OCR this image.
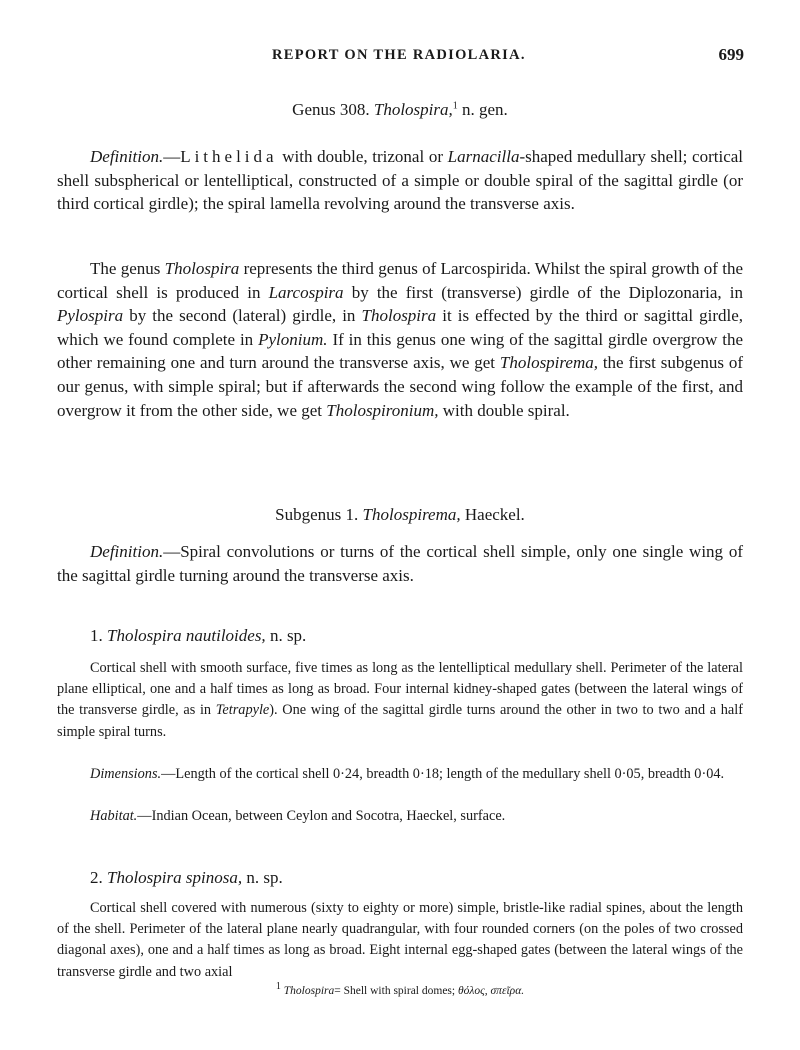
REPORT ON THE RADIOLARIA.	699
Genus 308. Tholospira,$^1$ n. gen.

Definition.—Lithelida with double, trizonal or Larnacilla-shaped medullary shell; cortical shell subspherical or lentelliptical, constructed of a simple or double spiral of the sagittal girdle (or third cortical girdle); the spiral lamella revolving around the transverse axis.

The genus Tholospira represents the third genus of Larcospirida. Whilst the spiral growth of the cortical shell is produced in Larcospira by the first (transverse) girdle of the Diplozonaria, in Pylospira by the second (lateral) girdle, in Tholospira it is effected by the third or sagittal girdle, which we found complete in Pylonium. If in this genus one wing of the sagittal girdle overgrow the other remaining one and turn around the transverse axis, we get Tholospirema, the first subgenus of our genus, with simple spiral; but if afterwards the second wing follow the example of the first, and overgrow it from the other side, we get Tholospironium, with double spiral.

Subgenus 1. Tholospirema, Haeckel.

Definition.—Spiral convolutions or turns of the cortical shell simple, only one single wing of the sagittal girdle turning around the transverse axis.

1. Tholospira nautiloides, n. sp.

Cortical shell with smooth surface, five times as long as the lentelliptical medullary shell. Perimeter of the lateral plane elliptical, one and a half times as long as broad. Four internal kidney-shaped gates (between the lateral wings of the transverse girdle, as in Tetrapyle). One wing of the sagittal girdle turns around the other in two to two and a half simple spiral turns.

Dimensions.—Length of the cortical shell 0·24, breadth 0·18; length of the medullary shell 0·05, breadth 0·04.

Habitat.—Indian Ocean, between Ceylon and Socotra, Haeckel, surface.

2. Tholospira spinosa, n. sp.

Cortical shell covered with numerous (sixty to eighty or more) simple, bristle-like radial spines, about the length of the shell. Perimeter of the lateral plane nearly quadrangular, with four rounded corners (on the poles of two crossed diagonal axes), one and a half times as long as broad. Eight internal egg-shaped gates (between the lateral wings of the transverse girdle and two axial

$^1$ Tholospira= Shell with spiral domes; θόλος, σπεῖρα.
